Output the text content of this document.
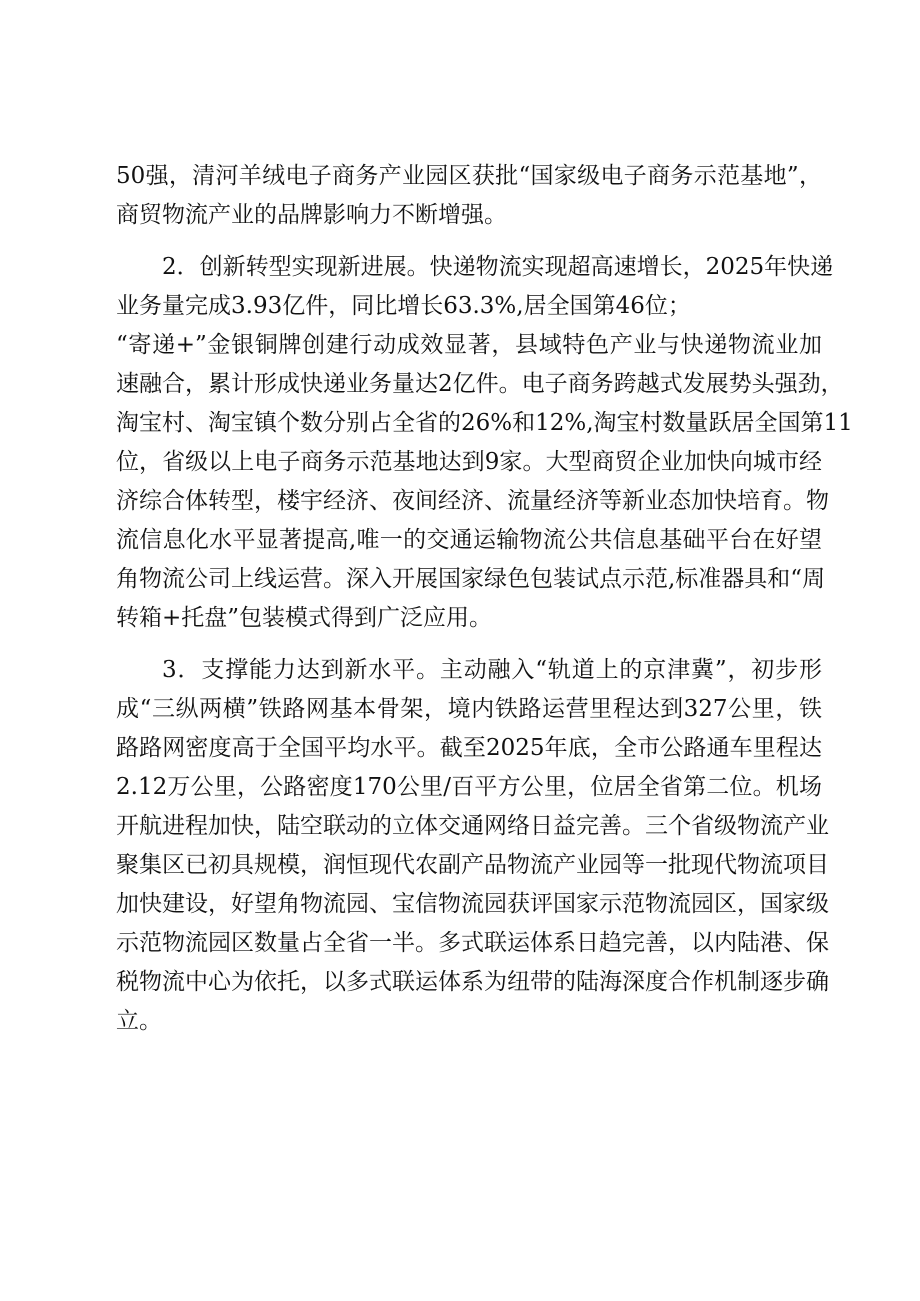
50强，清河羊绒电子商务产业园区获批“国家级电子商务示范基地”，
商贸物流产业的品牌影响力不断增强。
2．创新转型实现新进展。快递物流实现超高速增长，2025年快递
业务量完成3.93亿件，同比增长63.3%,居全国第46位；
“寄递+”金银铜牌创建行动成效显著，县域特色产业与快递物流业加
速融合，累计形成快递业务量达2亿件。电子商务跨越式发展势头强劲，
淘宝村、淘宝镇个数分别占全省的26%和12%,淘宝村数量跃居全国第11
位，省级以上电子商务示范基地达到9家。大型商贸企业加快向城市经
济综合体转型，楼宇经济、夜间经济、流量经济等新业态加快培育。物
流信息化水平显著提高,唯一的交通运输物流公共信息基础平台在好望
角物流公司上线运营。深入开展国家绿色包装试点示范,标准器具和“周
转箱+托盘”包装模式得到广泛应用。
3．支撑能力达到新水平。主动融入“轨道上的京津冀”，初步形
成“三纵两横”铁路网基本骨架，境内铁路运营里程达到327公里，铁
路路网密度高于全国平均水平。截至2025年底，全市公路通车里程达
2.12万公里，公路密度170公里/百平方公里，位居全省第二位。机场
开航进程加快，陆空联动的立体交通网络日益完善。三个省级物流产业
聚集区已初具规模，润恒现代农副产品物流产业园等一批现代物流项目
加快建设，好望角物流园、宝信物流园获评国家示范物流园区，国家级
示范物流园区数量占全省一半。多式联运体系日趋完善，以内陆港、保
税物流中心为依托，以多式联运体系为纽带的陆海深度合作机制逐步确
立。
